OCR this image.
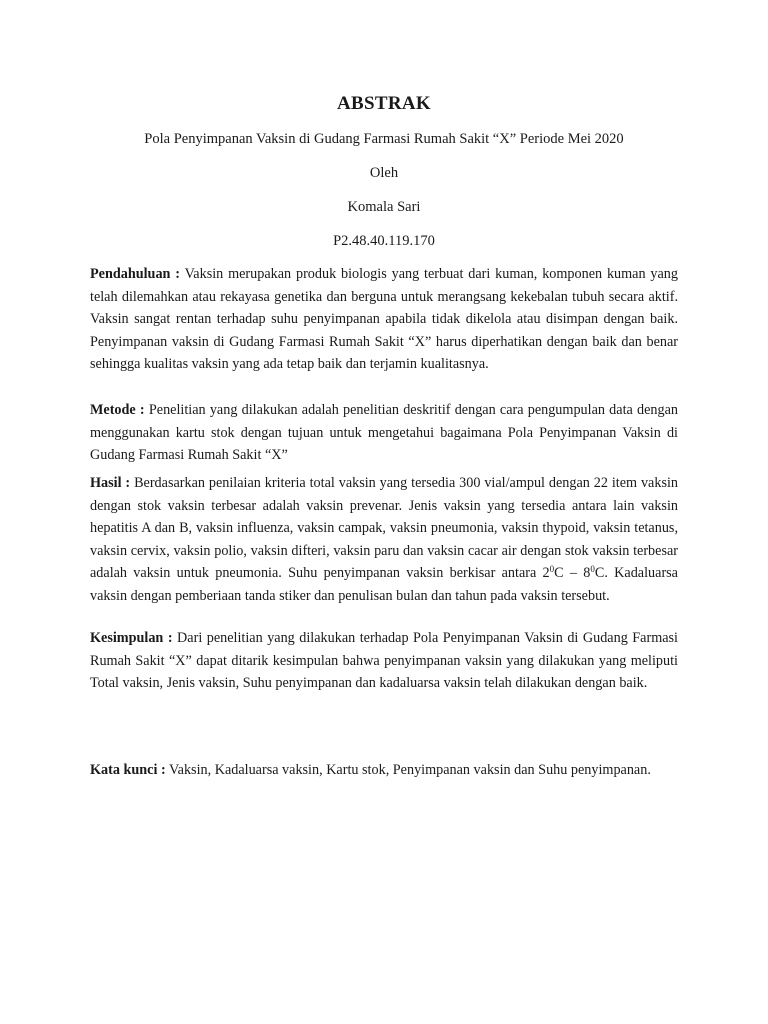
ABSTRAK
Pola Penyimpanan Vaksin di Gudang Farmasi Rumah Sakit “X” Periode Mei 2020
Oleh
Komala Sari
P2.48.40.119.170

Pendahuluan : Vaksin merupakan produk biologis yang terbuat dari kuman, komponen kuman yang telah dilemahkan atau rekayasa genetika dan berguna untuk merangsang kekebalan tubuh secara aktif. Vaksin sangat rentan terhadap suhu penyimpanan apabila tidak dikelola atau disimpan dengan baik. Penyimpanan vaksin di Gudang Farmasi Rumah Sakit “X” harus diperhatikan dengan baik dan benar sehingga kualitas vaksin yang ada tetap baik dan terjamin kualitasnya.

Metode : Penelitian yang dilakukan adalah penelitian deskritif dengan cara pengumpulan data dengan menggunakan kartu stok dengan tujuan untuk mengetahui bagaimana Pola Penyimpanan Vaksin di Gudang Farmasi Rumah Sakit “X”

Hasil : Berdasarkan penilaian kriteria total vaksin yang tersedia 300 vial/ampul dengan 22 item vaksin dengan stok vaksin terbesar adalah vaksin prevenar. Jenis vaksin yang tersedia antara lain vaksin hepatitis A dan B, vaksin influenza, vaksin campak, vaksin pneumonia, vaksin thypoid, vaksin tetanus, vaksin cervix, vaksin polio, vaksin difteri, vaksin paru dan vaksin cacar air dengan stok vaksin terbesar adalah vaksin untuk pneumonia. Suhu penyimpanan vaksin berkisar antara $2^0C - 8^0C$. Kadaluarsa vaksin dengan pemberiaan tanda stiker dan penulisan bulan dan tahun pada vaksin tersebut.

Kesimpulan : Dari penelitian yang dilakukan terhadap Pola Penyimpanan Vaksin di Gudang Farmasi Rumah Sakit “X” dapat ditarik kesimpulan bahwa penyimpanan vaksin yang dilakukan yang meliputi Total vaksin, Jenis vaksin, Suhu penyimpanan dan kadaluarsa vaksin telah dilakukan dengan baik.

Kata kunci : Vaksin, Kadaluarsa vaksin, Kartu stok, Penyimpanan vaksin dan Suhu penyimpanan.
